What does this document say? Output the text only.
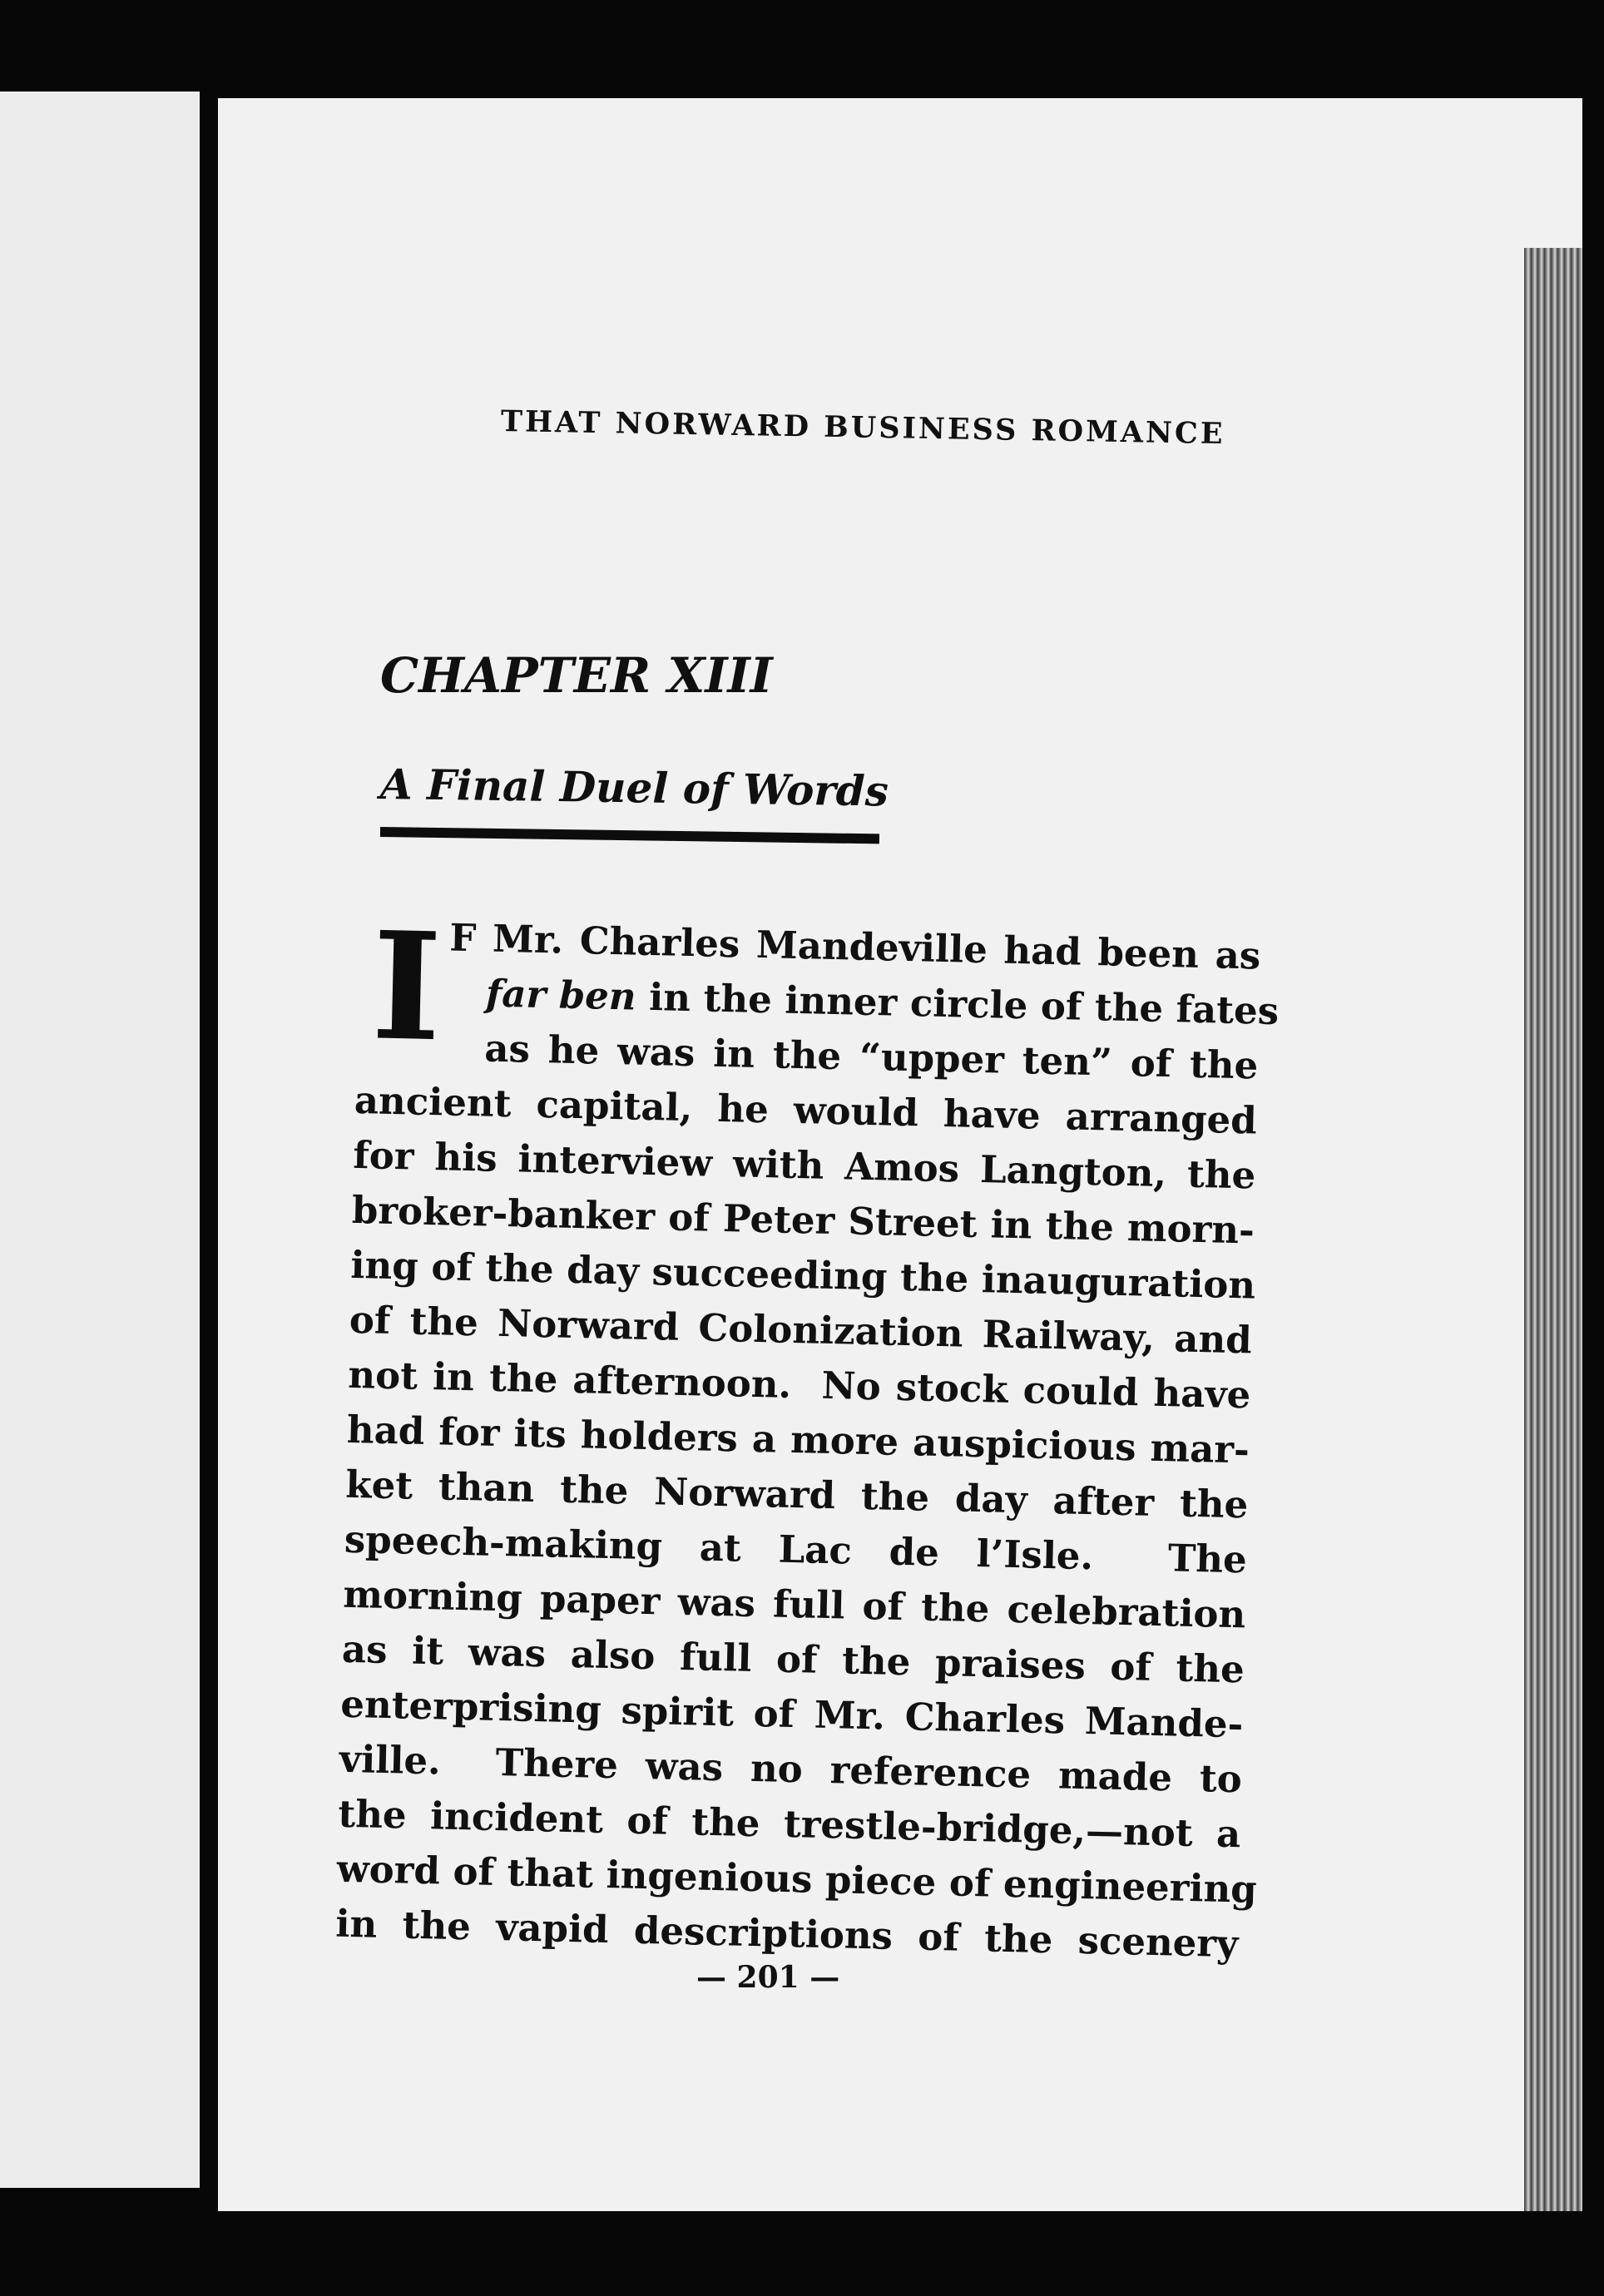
THAT NORWARD BUSINESS ROMANCE
CHAPTER XIII
A Final Duel of Words
I F Mr. Charles Mandeville had been as
far ben in the inner circle of the fates
as he was in the “upper ten” of the
ancient capital, he would have arranged
for his interview with Amos Langton, the
broker-banker of Peter Street in the morn-
ing of the day succeeding the inauguration
of the Norward Colonization Railway, and
not in the afternoon.  No stock could have
had for its holders a more auspicious mar-
ket than the Norward the day after the
speech-making at Lac de l’Isle.  The
morning paper was full of the celebration
as it was also full of the praises of the
enterprising spirit of Mr. Charles Mande-
ville.  There was no reference made to
the incident of the trestle-bridge,—not a
word of that ingenious piece of engineering
in the vapid descriptions of the scenery
— 201 —
